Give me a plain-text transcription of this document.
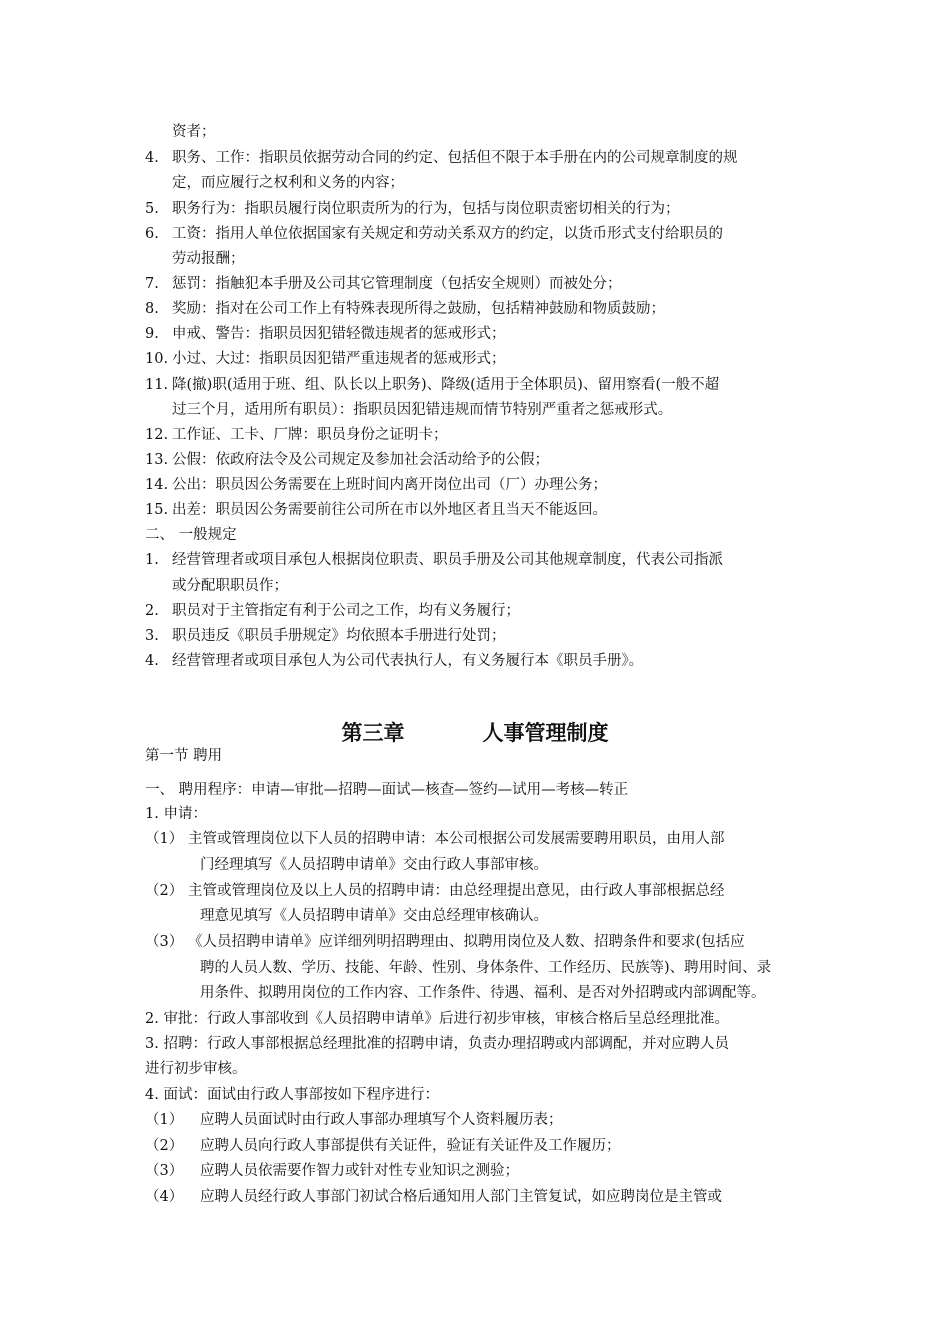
资者；
4. 职务、工作：指职员依据劳动合同的约定、包括但不限于本手册在内的公司规章制度的规
定，而应履行之权利和义务的内容；
5. 职务行为：指职员履行岗位职责所为的行为，包括与岗位职责密切相关的行为；
6. 工资：指用人单位依据国家有关规定和劳动关系双方的约定，以货币形式支付给职员的
劳动报酬；
7. 惩罚：指触犯本手册及公司其它管理制度（包括安全规则）而被处分；
8. 奖励：指对在公司工作上有特殊表现所得之鼓励，包括精神鼓励和物质鼓励；
9. 申戒、警告：指职员因犯错轻微违规者的惩戒形式；
10. 小过、大过：指职员因犯错严重违规者的惩戒形式；
11. 降(撤)职(适用于班、组、队长以上职务)、降级(适用于全体职员)、留用察看(一般不超
过三个月，适用所有职员）：指职员因犯错违规而情节特别严重者之惩戒形式。
12. 工作证、工卡、厂牌：职员身份之证明卡；
13. 公假：依政府法令及公司规定及参加社会活动给予的公假；
14. 公出：职员因公务需要在上班时间内离开岗位出司（厂）办理公务；
15. 出差：职员因公务需要前往公司所在市以外地区者且当天不能返回。
二、 一般规定
1. 经营管理者或项目承包人根据岗位职责、职员手册及公司其他规章制度，代表公司指派
或分配职职员作；
2. 职员对于主管指定有利于公司之工作，均有义务履行；
3. 职员违反《职员手册规定》均依照本手册进行处罚；
4. 经营管理者或项目承包人为公司代表执行人，有义务履行本《职员手册》。
第三章	人事管理制度
第一节 聘用
一、 聘用程序：申请—审批—招聘—面试—核查—签约—试用—考核—转正
1. 申请：
（1） 主管或管理岗位以下人员的招聘申请：本公司根据公司发展需要聘用职员，由用人部
门经理填写《人员招聘申请单》交由行政人事部审核。
（2） 主管或管理岗位及以上人员的招聘申请：由总经理提出意见，由行政人事部根据总经
理意见填写《人员招聘申请单》交由总经理审核确认。
（3） 《人员招聘申请单》应详细列明招聘理由、拟聘用岗位及人数、招聘条件和要求(包括应
聘的人员人数、学历、技能、年龄、性别、身体条件、工作经历、民族等)、聘用时间、录
用条件、拟聘用岗位的工作内容、工作条件、待遇、福利、是否对外招聘或内部调配等。
2. 审批：行政人事部收到《人员招聘申请单》后进行初步审核，审核合格后呈总经理批准。
3. 招聘：行政人事部根据总经理批准的招聘申请，负责办理招聘或内部调配，并对应聘人员
进行初步审核。
4. 面试：面试由行政人事部按如下程序进行：
（1） 应聘人员面试时由行政人事部办理填写个人资料履历表；
（2） 应聘人员向行政人事部提供有关证件，验证有关证件及工作履历；
（3） 应聘人员依需要作智力或针对性专业知识之测验；
（4） 应聘人员经行政人事部门初试合格后通知用人部门主管复试，如应聘岗位是主管或
